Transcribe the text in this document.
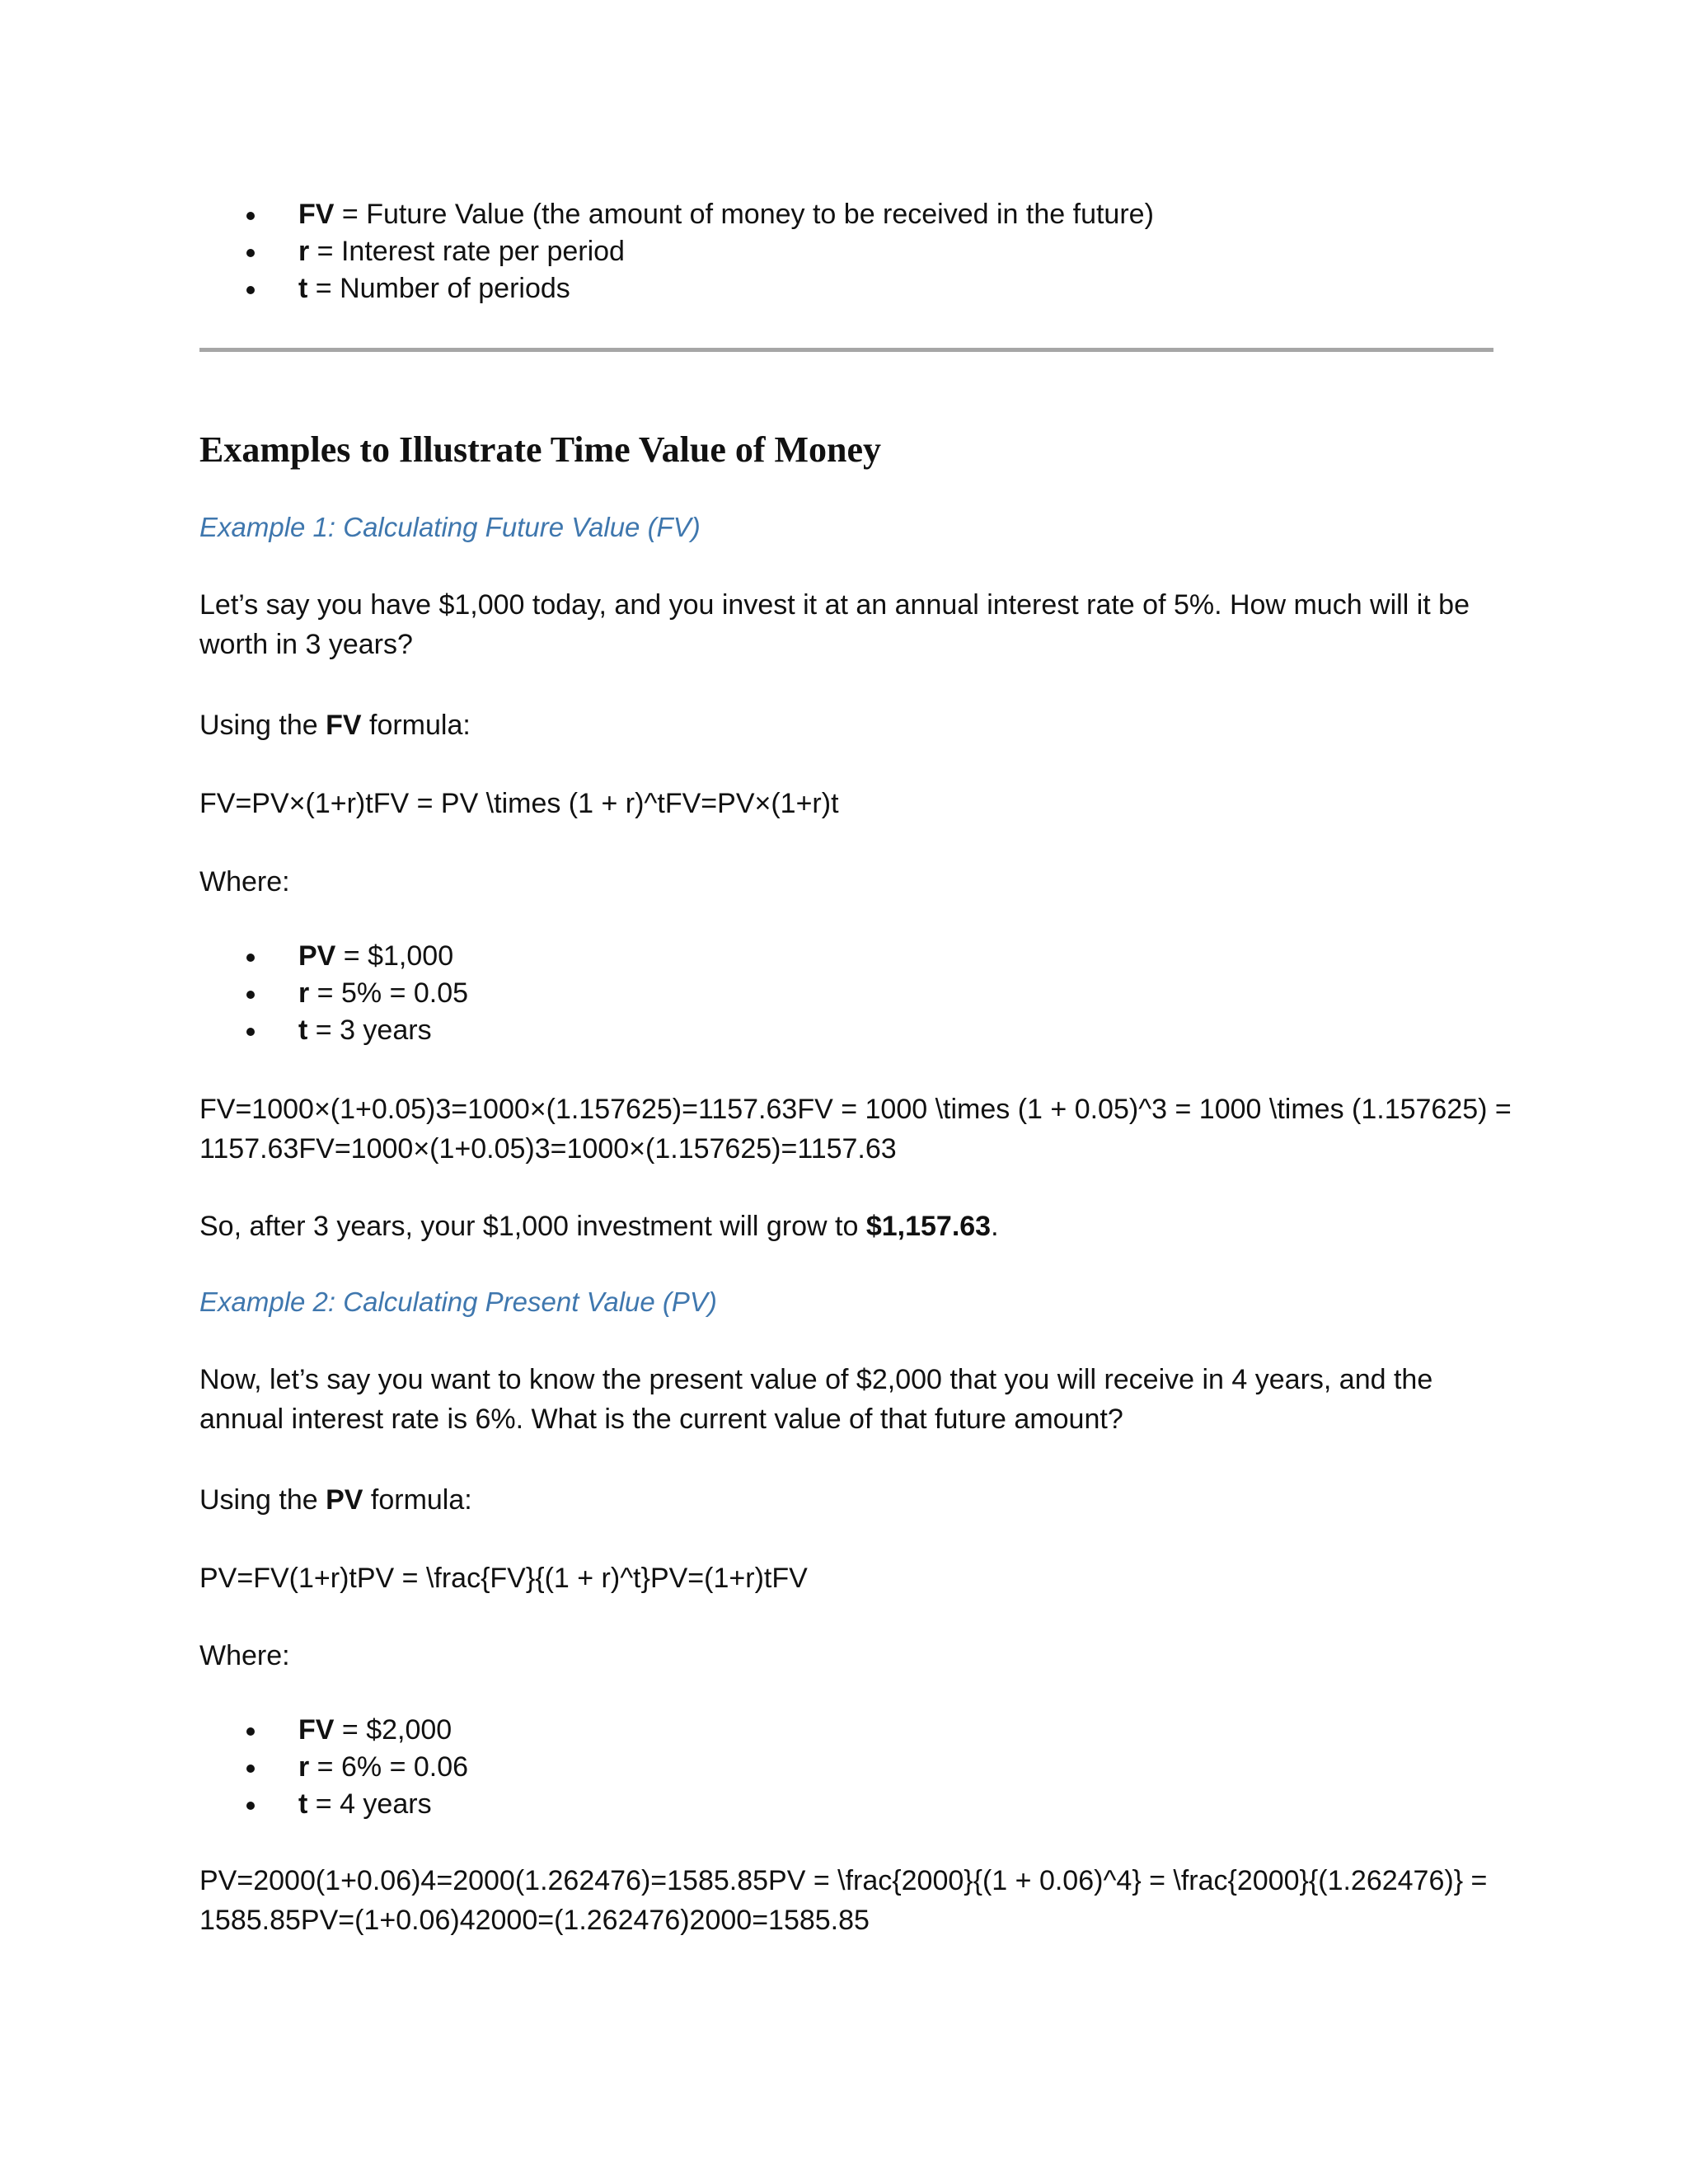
FV = Future Value (the amount of money to be received in the future)
r = Interest rate per period
t = Number of periods
Examples to Illustrate Time Value of Money
Example 1: Calculating Future Value (FV)
Let’s say you have $1,000 today, and you invest it at an annual interest rate of 5%. How much will it be worth in 3 years?
Using the FV formula:
FV=PV×(1+r)tFV = PV \times (1 + r)^tFV=PV×(1+r)t
Where:
PV = $1,000
r = 5% = 0.05
t = 3 years
FV=1000×(1+0.05)3=1000×(1.157625)=1157.63FV = 1000 \times (1 + 0.05)^3 = 1000 \times (1.157625) =
1157.63FV=1000×(1+0.05)3=1000×(1.157625)=1157.63
So, after 3 years, your $1,000 investment will grow to $1,157.63.
Example 2: Calculating Present Value (PV)
Now, let’s say you want to know the present value of $2,000 that you will receive in 4 years, and the annual interest rate is 6%. What is the current value of that future amount?
Using the PV formula:
PV=FV(1+r)tPV = \frac{FV}{(1 + r)^t}PV=(1+r)tFV
Where:
FV = $2,000
r = 6% = 0.06
t = 4 years
PV=2000(1+0.06)4=2000(1.262476)=1585.85PV = \frac{2000}{(1 + 0.06)^4} = \frac{2000}{(1.262476)} =
1585.85PV=(1+0.06)42000=(1.262476)2000=1585.85
